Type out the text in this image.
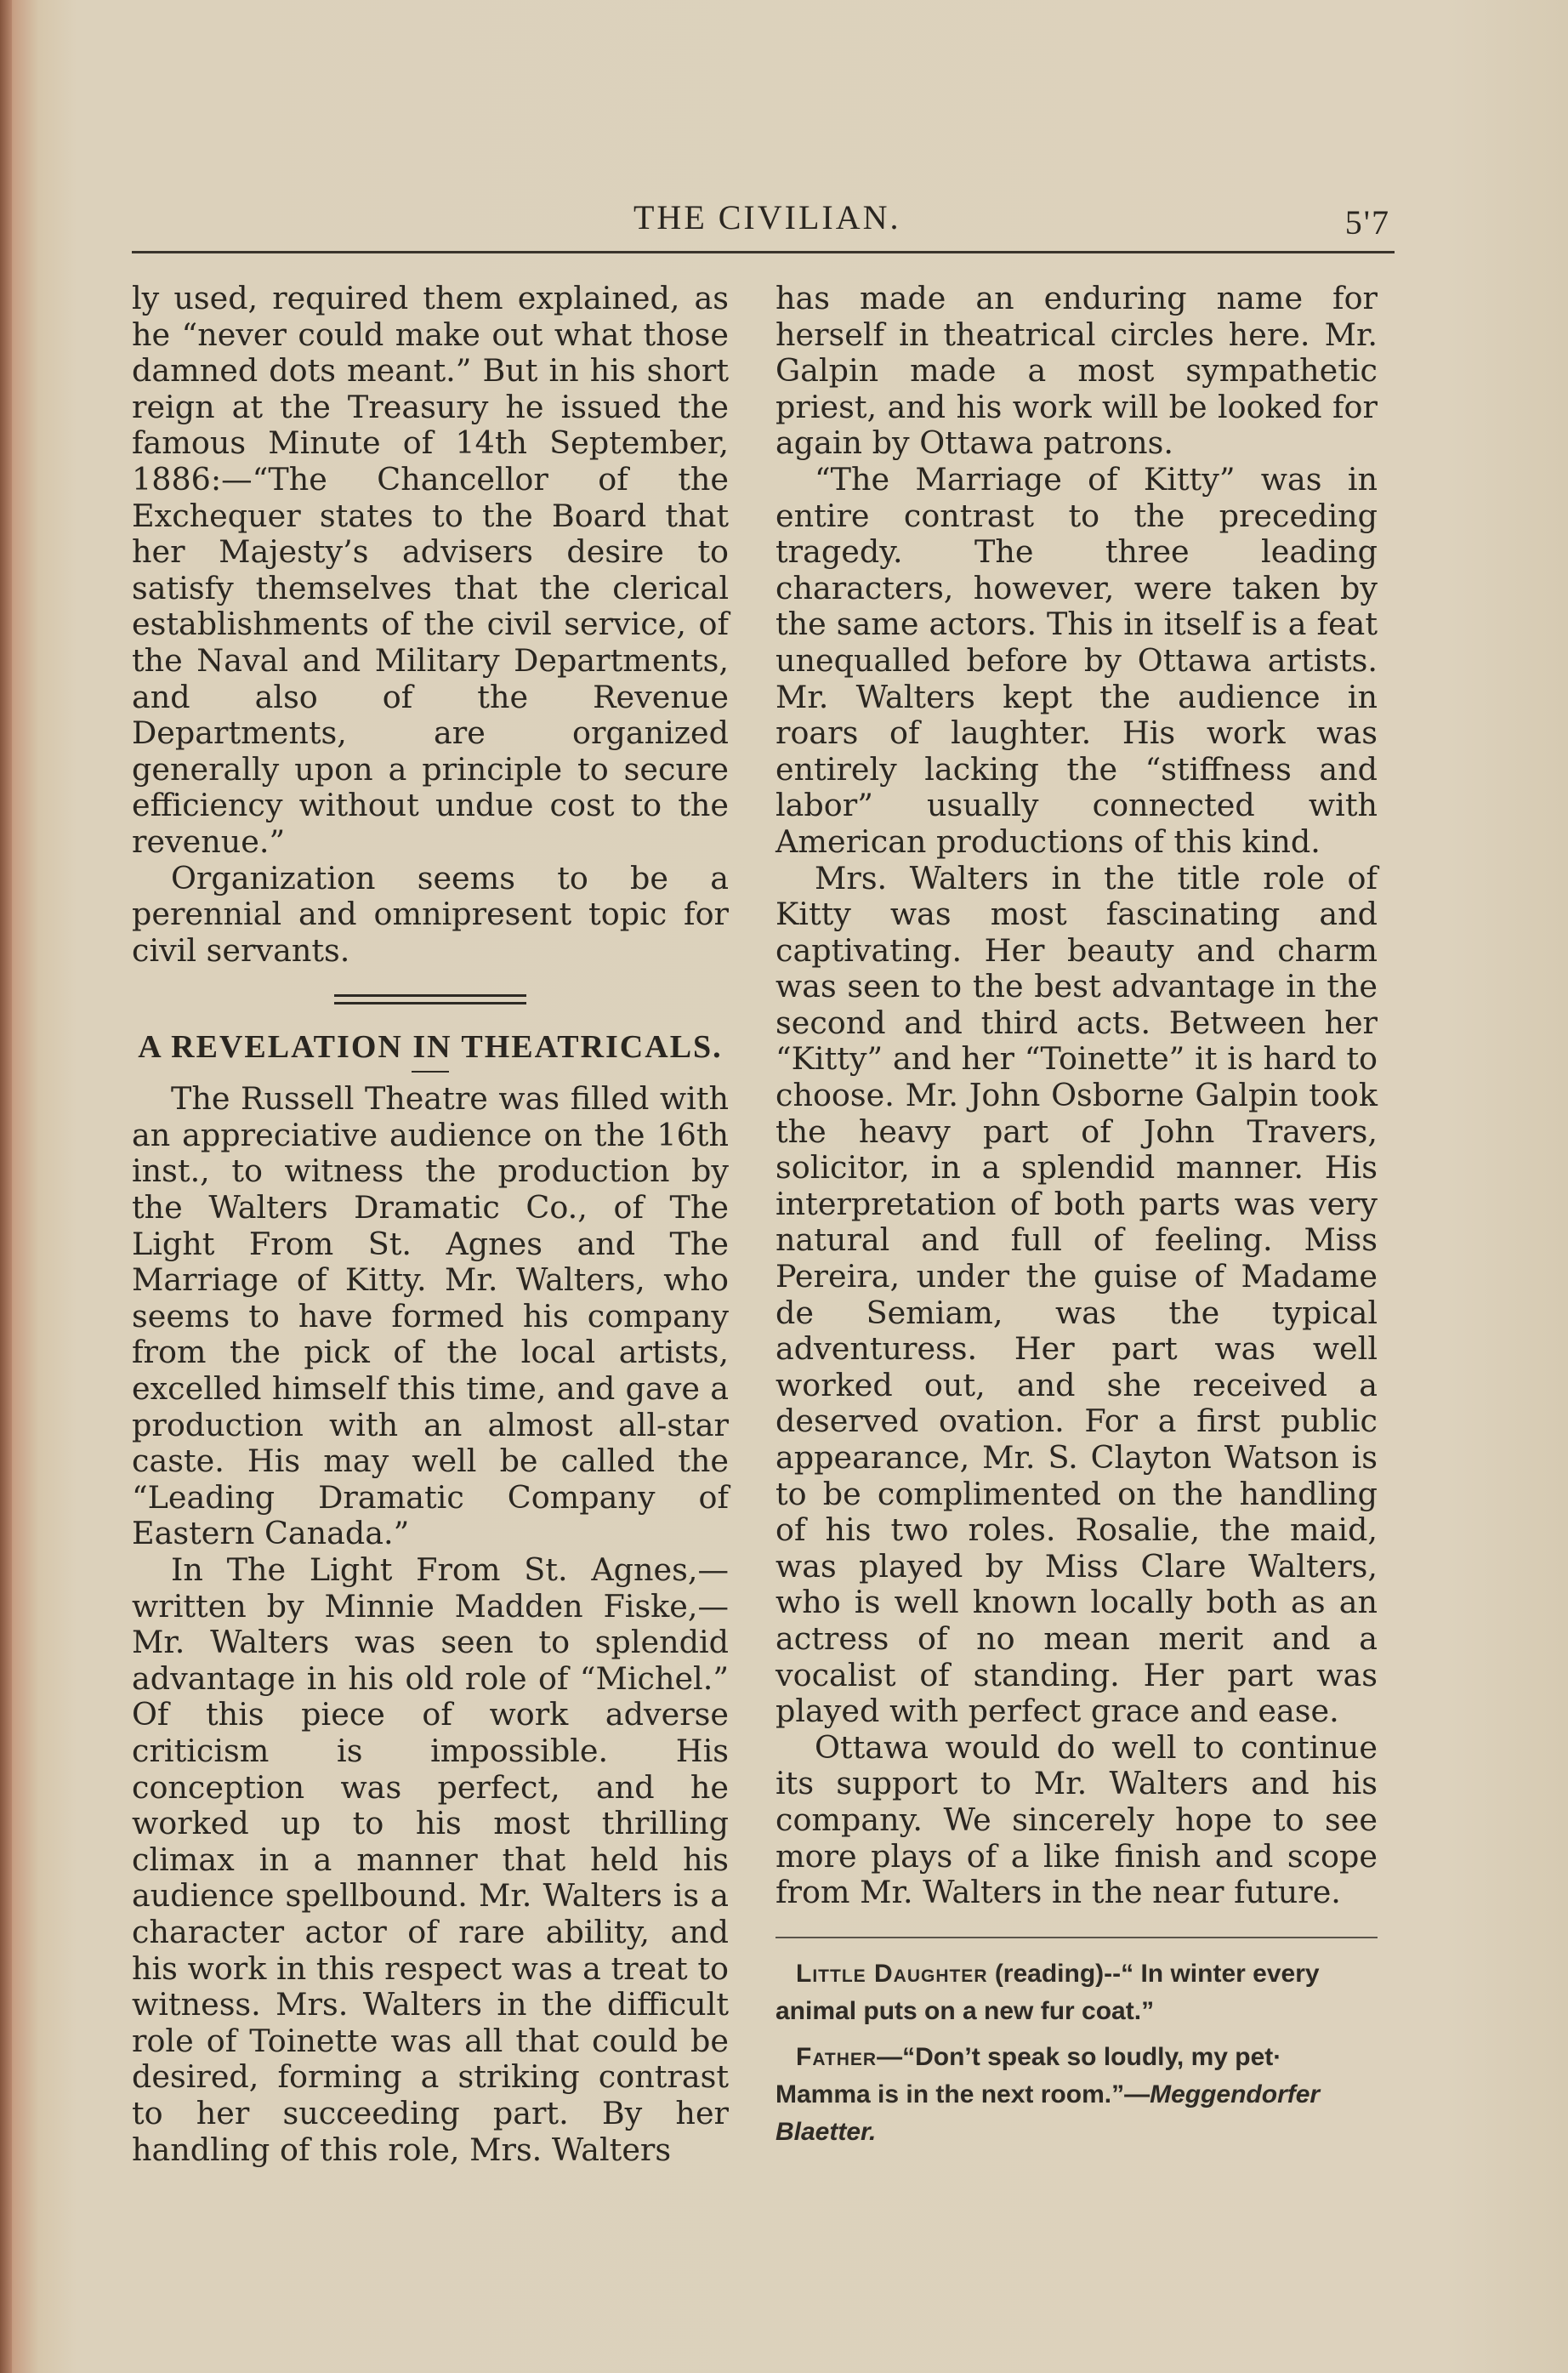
THE CIVILIAN.	5'7

ly used, required them explained, as he “never could make out what those damned dots meant.” But in his short reign at the Treasury he issued the famous Minute of 14th September, 1886:—“The Chancellor of the Exchequer states to the Board that her Majesty’s advisers desire to satisfy themselves that the clerical establishments of the civil service, of the Naval and Military Departments, and also of the Revenue Departments, are organized generally upon a principle to secure efficiency without undue cost to the revenue.”

Organization seems to be a perennial and omnipresent topic for civil servants.

A REVELATION IN THEATRICALS.

The Russell Theatre was filled with an appreciative audience on the 16th inst., to witness the production by the Walters Dramatic Co., of The Light From St. Agnes and The Marriage of Kitty. Mr. Walters, who seems to have formed his company from the pick of the local artists, excelled himself this time, and gave a production with an almost all-star caste. His may well be called the “Leading Dramatic Company of Eastern Canada.”

In The Light From St. Agnes,—written by Minnie Madden Fiske,—Mr. Walters was seen to splendid advantage in his old role of “Michel.” Of this piece of work adverse criticism is impossible. His conception was perfect, and he worked up to his most thrilling climax in a manner that held his audience spellbound. Mr. Walters is a character actor of rare ability, and his work in this respect was a treat to witness. Mrs. Walters in the difficult role of Toinette was all that could be desired, forming a striking contrast to her succeeding part. By her handling of this role, Mrs. Walters

has made an enduring name for herself in theatrical circles here. Mr. Galpin made a most sympathetic priest, and his work will be looked for again by Ottawa patrons.

“The Marriage of Kitty” was in entire contrast to the preceding tragedy. The three leading characters, however, were taken by the same actors. This in itself is a feat unequalled before by Ottawa artists. Mr. Walters kept the audience in roars of laughter. His work was entirely lacking the “stiffness and labor” usually connected with American productions of this kind.

Mrs. Walters in the title role of Kitty was most fascinating and captivating. Her beauty and charm was seen to the best advantage in the second and third acts. Between her “Kitty” and her “Toinette” it is hard to choose. Mr. John Osborne Galpin took the heavy part of John Travers, solicitor, in a splendid manner. His interpretation of both parts was very natural and full of feeling. Miss Pereira, under the guise of Madame de Semiam, was the typical adventuress. Her part was well worked out, and she received a deserved ovation. For a first public appearance, Mr. S. Clayton Watson is to be complimented on the handling of his two roles. Rosalie, the maid, was played by Miss Clare Walters, who is well known locally both as an actress of no mean merit and a vocalist of standing. Her part was played with perfect grace and ease.

Ottawa would do well to continue its support to Mr. Walters and his company. We sincerely hope to see more plays of a like finish and scope from Mr. Walters in the near future.

Little Daughter (reading)--“ In winter every animal puts on a new fur coat.”
Father—“Don’t speak so loudly, my pet· Mamma is in the next room.”—Meggendorfer Blaetter.
